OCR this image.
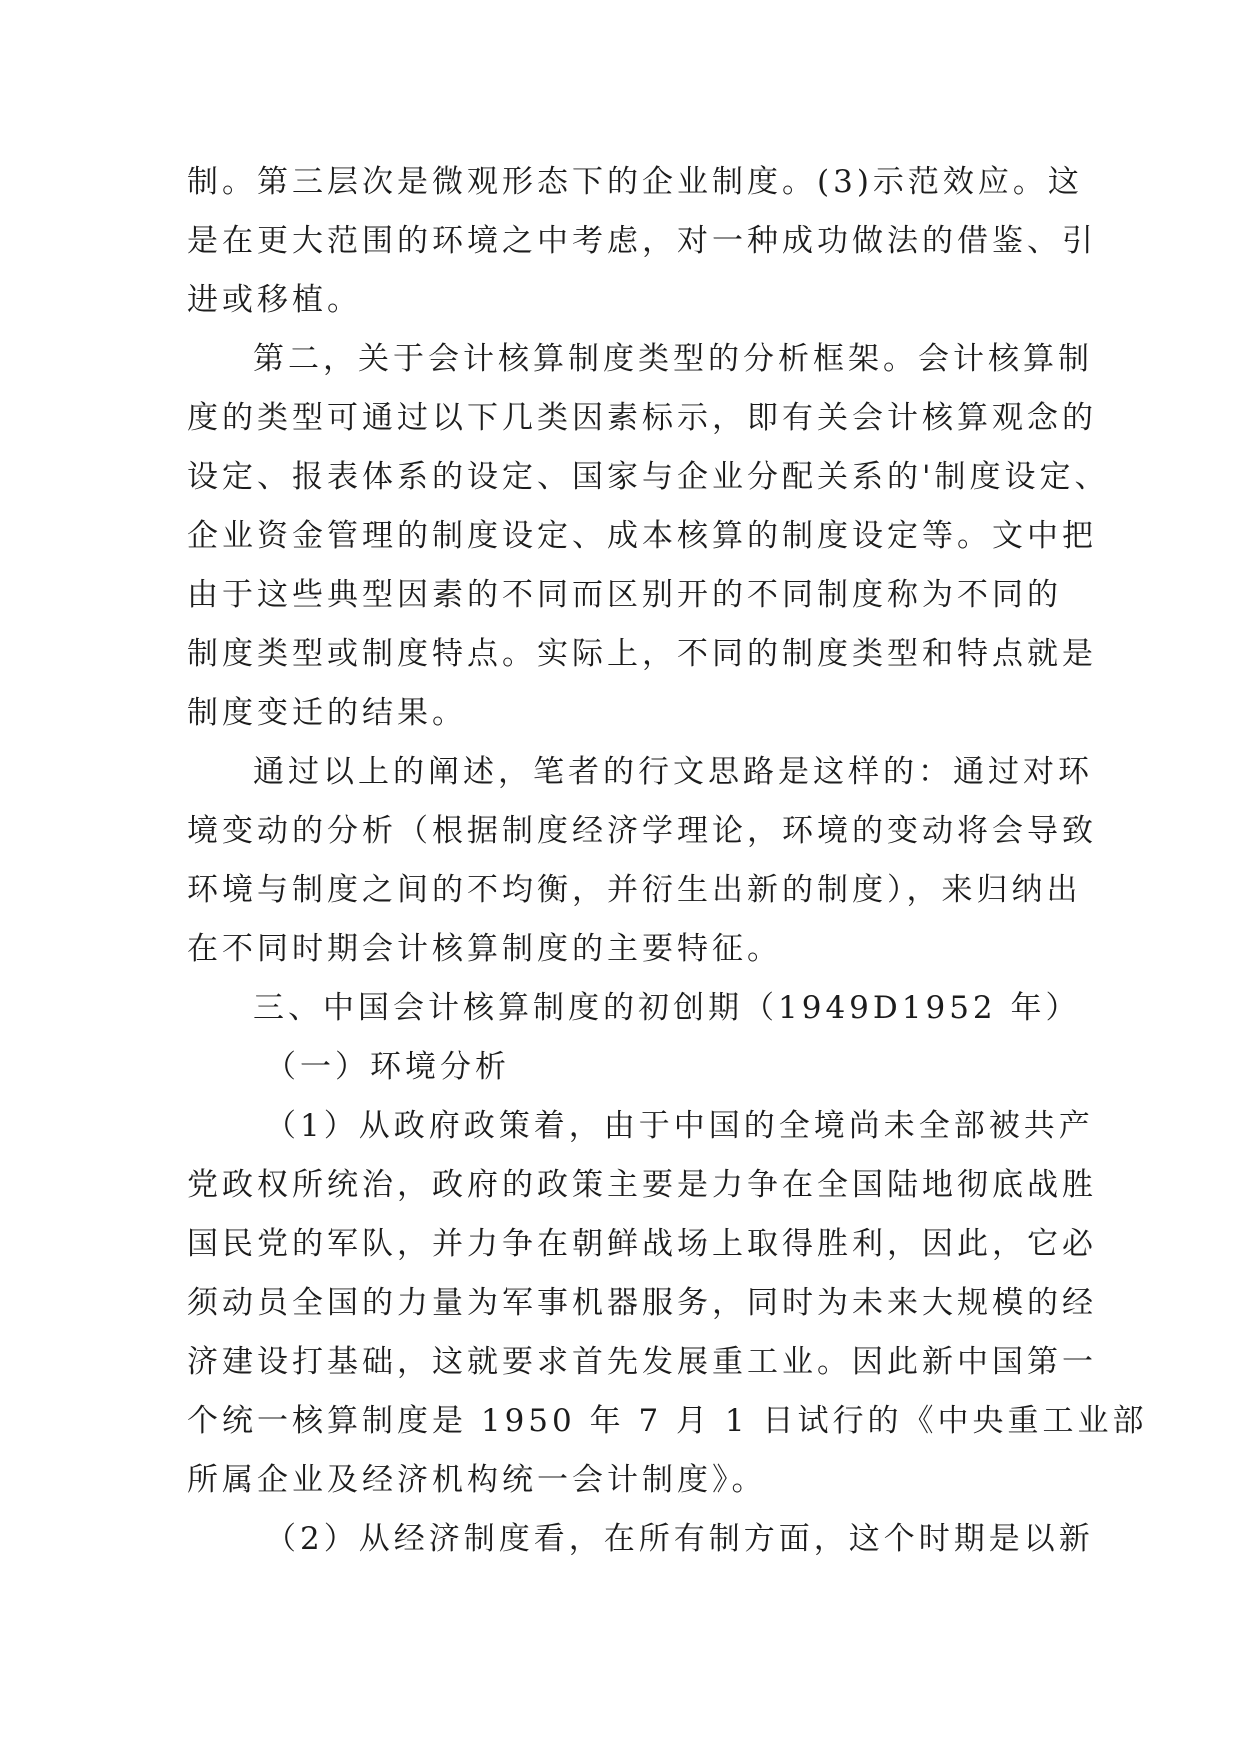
制。第三层次是微观形态下的企业制度。(3)示范效应。这
是在更大范围的环境之中考虑，对一种成功做法的借鉴、引
进或移植。
第二，关于会计核算制度类型的分析框架。会计核算制
度的类型可通过以下几类因素标示，即有关会计核算观念的
设定、报表体系的设定、国家与企业分配关系的'制度设定、
企业资金管理的制度设定、成本核算的制度设定等。文中把
由于这些典型因素的不同而区别开的不同制度称为不同的
制度类型或制度特点。实际上，不同的制度类型和特点就是
制度变迁的结果。
通过以上的阐述，笔者的行文思路是这样的：通过对环
境变动的分析（根据制度经济学理论，环境的变动将会导致
环境与制度之间的不均衡，并衍生出新的制度），来归纳出
在不同时期会计核算制度的主要特征。
三、中国会计核算制度的初创期（1949D1952 年）
（一）环境分析
（1）从政府政策着，由于中国的全境尚未全部被共产
党政权所统治，政府的政策主要是力争在全国陆地彻底战胜
国民党的军队，并力争在朝鲜战场上取得胜利，因此，它必
须动员全国的力量为军事机器服务，同时为未来大规模的经
济建设打基础，这就要求首先发展重工业。因此新中国第一
个统一核算制度是 1950 年 7 月 1 日试行的《中央重工业部
所属企业及经济机构统一会计制度》。
（2）从经济制度看，在所有制方面，这个时期是以新
